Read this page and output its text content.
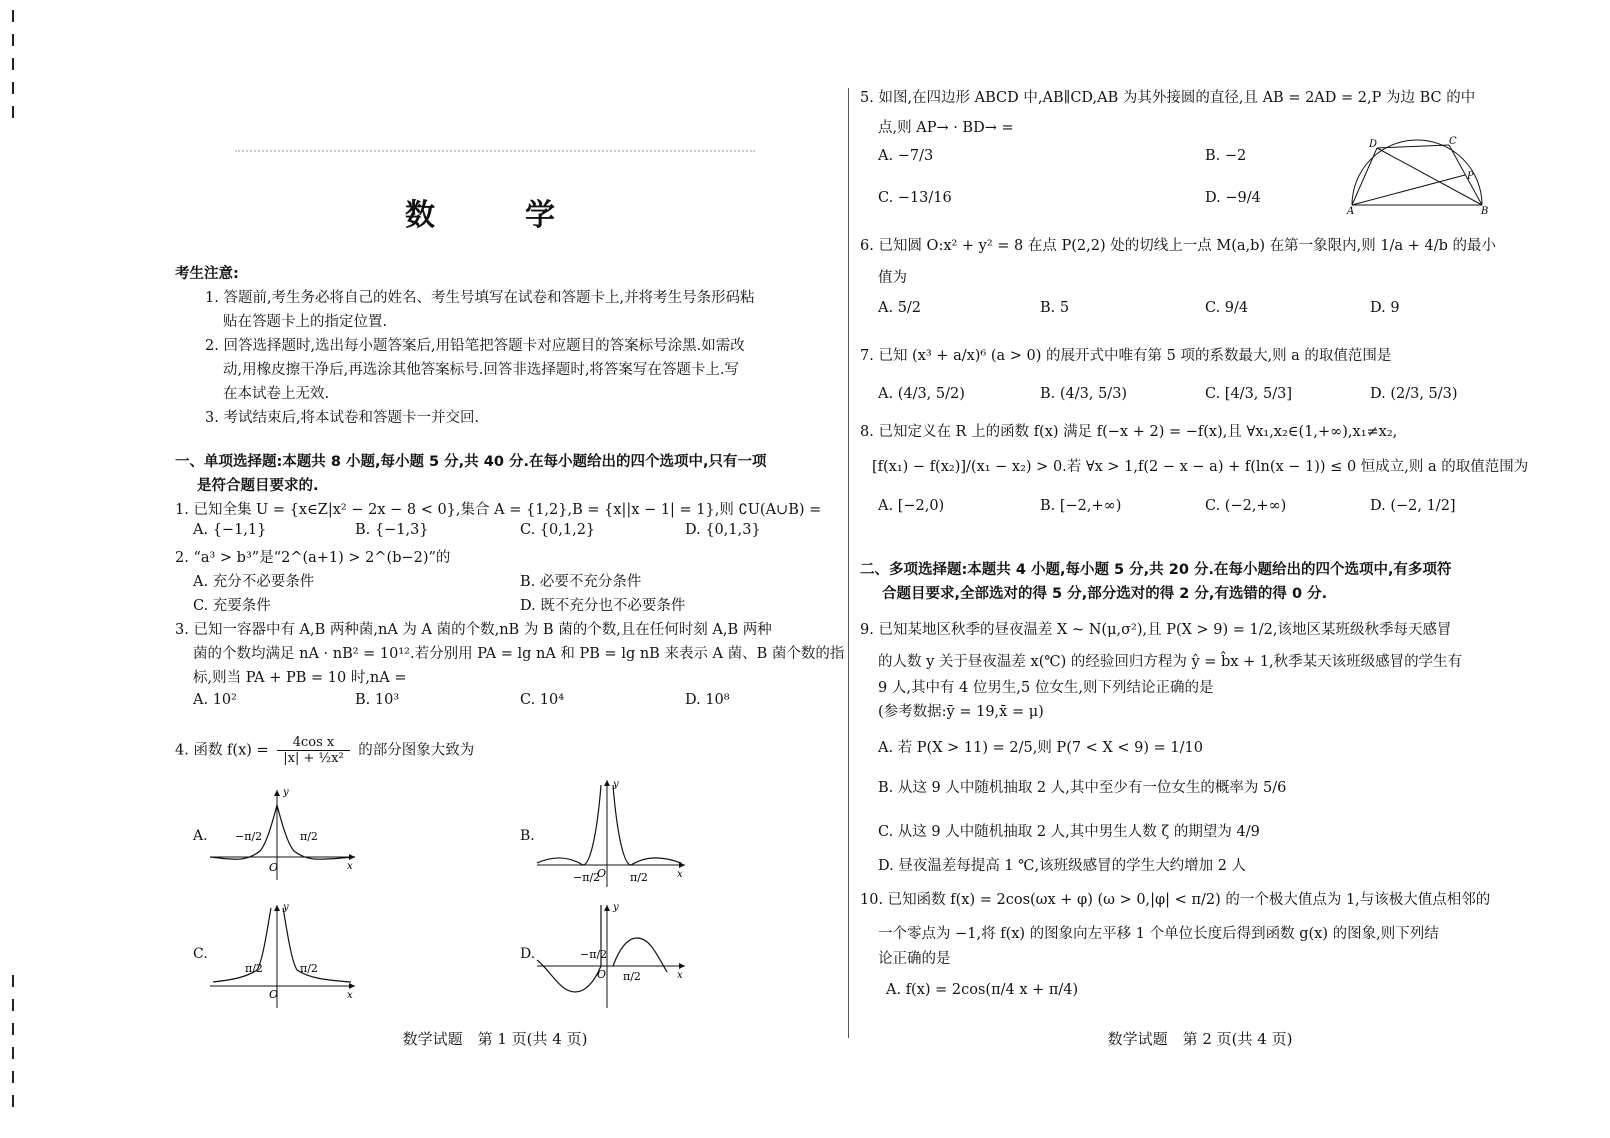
数　学
考生注意:
1. 答题前,考生务必将自己的姓名、考生号填写在试卷和答题卡上,并将考生号条形码粘
贴在答题卡上的指定位置.
2. 回答选择题时,选出每小题答案后,用铅笔把答题卡对应题目的答案标号涂黑.如需改
动,用橡皮擦干净后,再选涂其他答案标号.回答非选择题时,将答案写在答题卡上.写
在本试卷上无效.
3. 考试结束后,将本试卷和答题卡一并交回.
一、单项选择题:本题共 8 小题,每小题 5 分,共 40 分.在每小题给出的四个选项中,只有一项
是符合题目要求的.
1. 已知全集 U = {x∈Z|x² − 2x − 8 < 0},集合 A = {1,2},B = {x||x − 1| = 1},则 ∁U(A∪B) =
A. {−1,1}	B. {−1,3}	C. {0,1,2}	D. {0,1,3}
2. “a³ > b³”是“2^(a+1) > 2^(b−2)”的
A. 充分不必要条件	B. 必要不充分条件
C. 充要条件	D. 既不充分也不必要条件
3. 已知一容器中有 A,B 两种菌,nA 为 A 菌的个数,nB 为 B 菌的个数,且在任何时刻 A,B 两种
菌的个数均满足 nA · nB² = 10¹².若分别用 PA = lg nA 和 PB = lg nB 来表示 A 菌、B 菌个数的指
标,则当 PA + PB = 10 时,nA =
A. 10²	B. 10³	C. 10⁴	D. 10⁸
4. 函数 $f(x) = \frac{\text{4cos x}}{\text{|x| + ½x²}}$ 的部分图象大致为
A. −π/2	π/2
O
y
x
B.
−π/2	π/2
O
y
x
C.
π/2	π/2
O
y
x
D.	−π/2
π/2
O
y
x
数学试题　第 1 页(共 4 页)
5. 如图,在四边形 ABCD 中,AB∥CD,AB 为其外接圆的直径,且 AB = 2AD = 2,P 为边 BC 的中
点,则 AP→ · BD→ =
A. −7/3	B. −2
C. −13/16	D. −9/4
D	C
P
A	B
6. 已知圆 O:x² + y² = 8 在点 P(2,2) 处的切线上一点 M(a,b) 在第一象限内,则 1/a + 4/b 的最小
值为
A. 5/2	B. 5	C. 9/4	D. 9
7. 已知 (x³ + a/x)⁶ (a > 0) 的展开式中唯有第 5 项的系数最大,则 a 的取值范围是
A. (4/3, 5/2)	B. (4/3, 5/3)	C. [4/3, 5/3]	D. (2/3, 5/3)
8. 已知定义在 R 上的函数 f(x) 满足 f(−x + 2) = −f(x),且 ∀x₁,x₂∈(1,+∞),x₁≠x₂,
[f(x₁) − f(x₂)]/(x₁ − x₂) > 0.若 ∀x > 1,f(2 − x − a) + f(ln(x − 1)) ≤ 0 恒成立,则 a 的取值范围为
A. [−2,0)	B. [−2,+∞)	C. (−2,+∞)	D. (−2, 1/2]
二、多项选择题:本题共 4 小题,每小题 5 分,共 20 分.在每小题给出的四个选项中,有多项符
合题目要求,全部选对的得 5 分,部分选对的得 2 分,有选错的得 0 分.
9. 已知某地区秋季的昼夜温差 X ~ N(μ,σ²),且 P(X > 9) = 1/2,该地区某班级秋季每天感冒
的人数 y 关于昼夜温差 x(℃) 的经验回归方程为 ŷ = b̂x + 1,秋季某天该班级感冒的学生有
9 人,其中有 4 位男生,5 位女生,则下列结论正确的是
(参考数据:ȳ = 19,x̄ = μ)
A. 若 P(X > 11) = 2/5,则 P(7 < X < 9) = 1/10
B. 从这 9 人中随机抽取 2 人,其中至少有一位女生的概率为 5/6
C. 从这 9 人中随机抽取 2 人,其中男生人数 ζ 的期望为 4/9
D. 昼夜温差每提高 1 ℃,该班级感冒的学生大约增加 2 人
10. 已知函数 f(x) = 2cos(ωx + φ) (ω > 0,|φ| < π/2) 的一个极大值点为 1,与该极大值点相邻的
一个零点为 −1,将 f(x) 的图象向左平移 1 个单位长度后得到函数 g(x) 的图象,则下列结
论正确的是
A. f(x) = 2cos(π/4 x + π/4)
数学试题　第 2 页(共 4 页)
